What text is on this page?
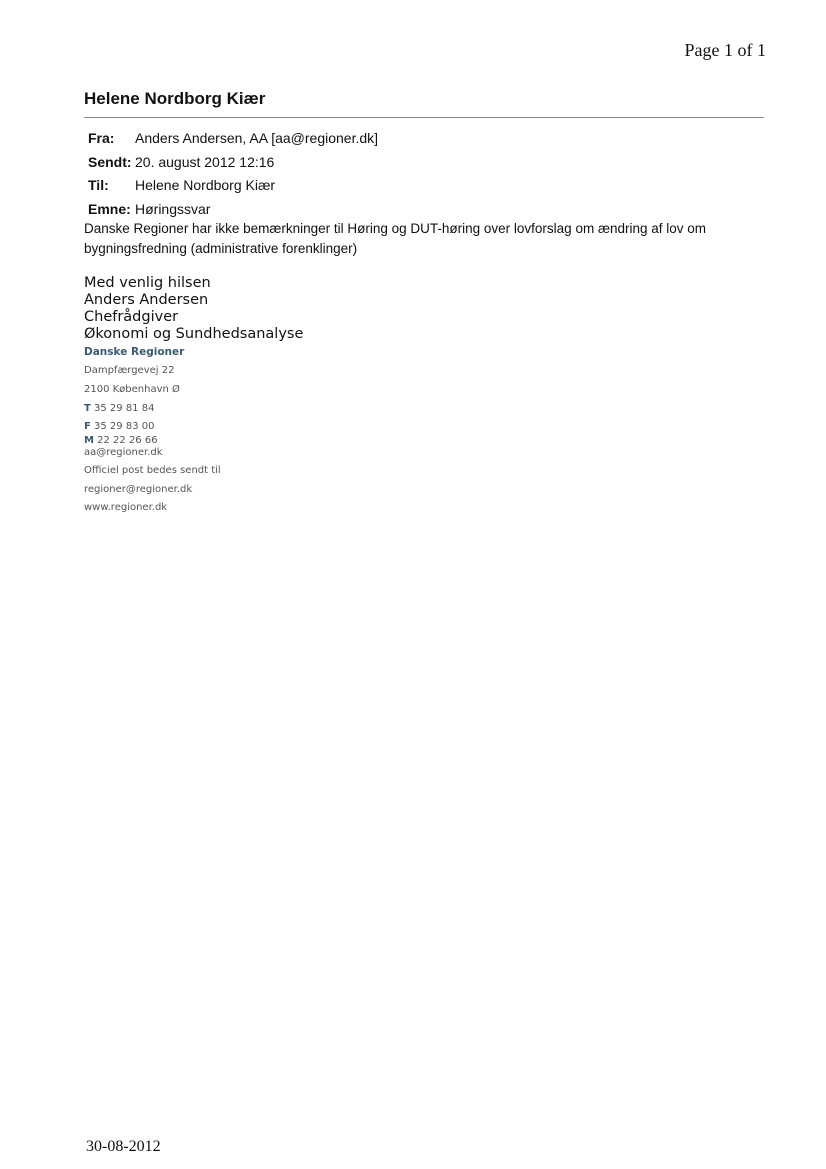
Page 1 of 1
Helene Nordborg Kiær
Fra:	Anders Andersen, AA [aa@regioner.dk]
Sendt: 20. august 2012 12:16
Til:	Helene Nordborg Kiær
Emne: Høringssvar
Danske Regioner har ikke bemærkninger til Høring og DUT-høring over lovforslag om ændring af lov om bygningsfredning (administrative forenklinger)
Med venlig hilsen
Anders Andersen
Chefrådgiver
Økonomi og Sundhedsanalyse
Danske Regioner
Dampfærgevej 22
2100 København Ø
T 35 29 81 84
F 35 29 83 00
M 22 22 26 66
aa@regioner.dk
Officiel post bedes sendt til
regioner@regioner.dk
www.regioner.dk
30-08-2012
